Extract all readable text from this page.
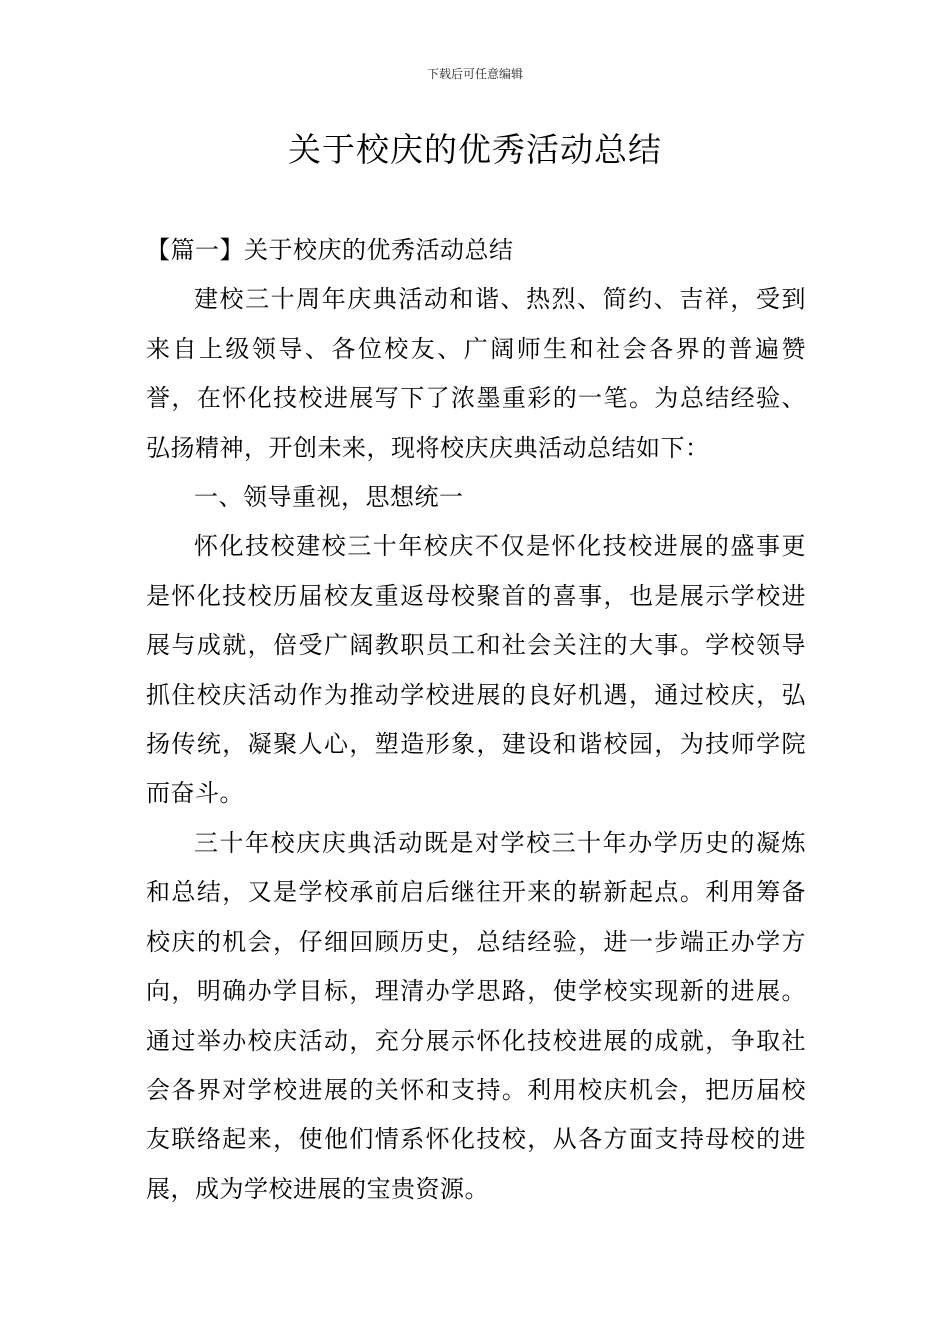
下载后可任意编辑
关于校庆的优秀活动总结

【篇一】关于校庆的优秀活动总结

建校三十周年庆典活动和谐、热烈、简约、吉祥，受到来自上级领导、各位校友、广阔师生和社会各界的普遍赞誉，在怀化技校进展写下了浓墨重彩的一笔。为总结经验、弘扬精神，开创未来，现将校庆庆典活动总结如下：

一、领导重视，思想统一

怀化技校建校三十年校庆不仅是怀化技校进展的盛事更是怀化技校历届校友重返母校聚首的喜事，也是展示学校进展与成就，倍受广阔教职员工和社会关注的大事。学校领导抓住校庆活动作为推动学校进展的良好机遇，通过校庆，弘扬传统，凝聚人心，塑造形象，建设和谐校园，为技师学院而奋斗。

三十年校庆庆典活动既是对学校三十年办学历史的凝炼和总结，又是学校承前启后继往开来的崭新起点。利用筹备校庆的机会，仔细回顾历史，总结经验，进一步端正办学方向，明确办学目标，理清办学思路，使学校实现新的进展。通过举办校庆活动，充分展示怀化技校进展的成就，争取社会各界对学校进展的关怀和支持。利用校庆机会，把历届校友联络起来，使他们情系怀化技校，从各方面支持母校的进展，成为学校进展的宝贵资源。
